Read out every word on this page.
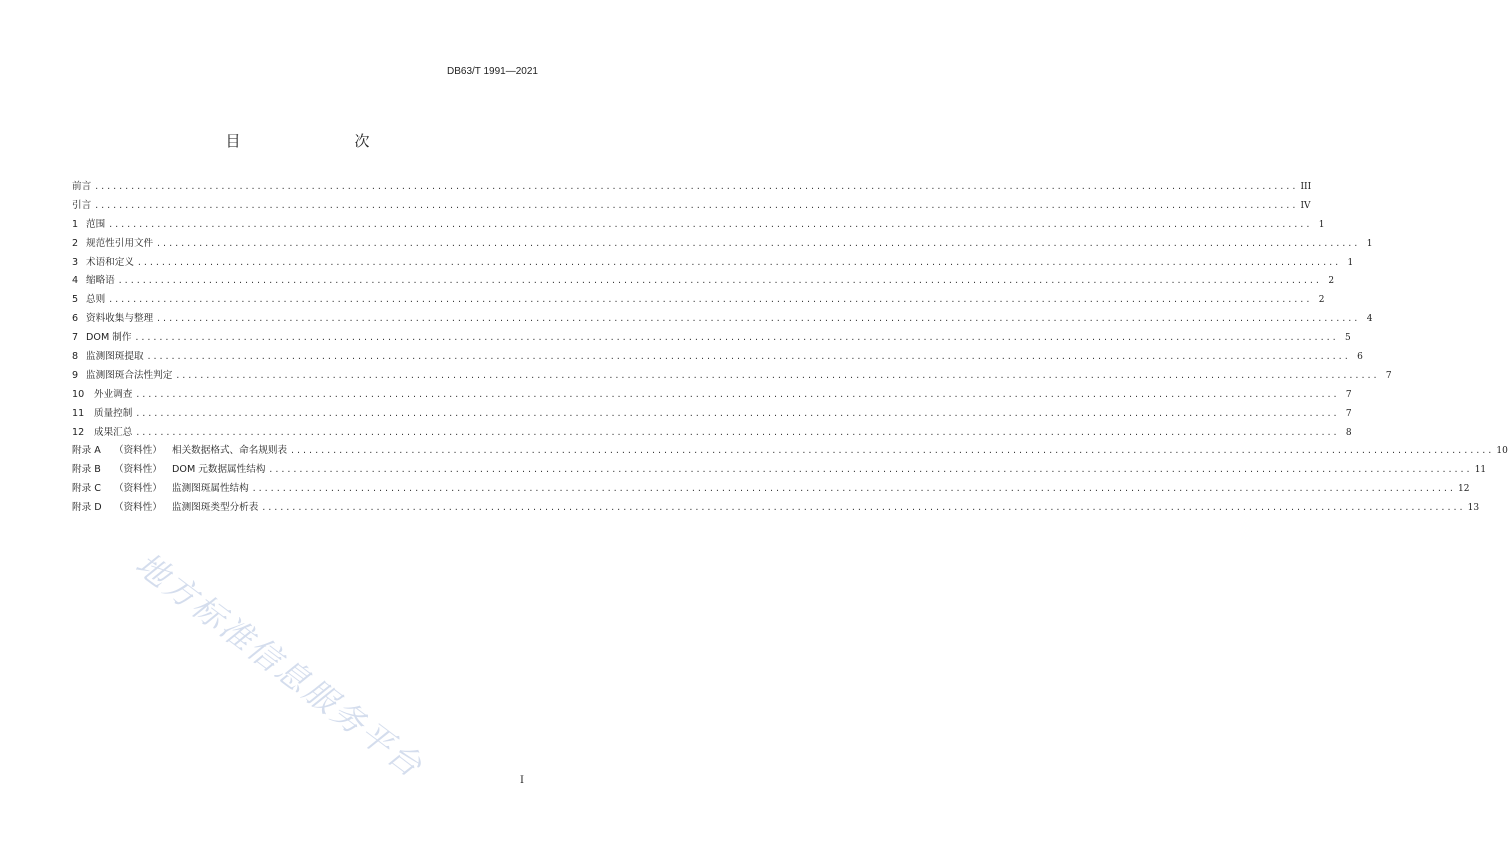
DB63/T 1991—2021
目　　次
前言 ........................................................................................................................................................................................................ III
引言 ........................................................................................................................................................................................................ IV
1 范围 ........................................................................................................................................................................................................ 1
2 规范性引用文件 ........................................................................................................................................................................................................ 1
3 术语和定义 ........................................................................................................................................................................................................ 1
4 缩略语 ........................................................................................................................................................................................................ 2
5 总则 ........................................................................................................................................................................................................ 2
6 资料收集与整理 ........................................................................................................................................................................................................ 4
7 DOM 制作 ........................................................................................................................................................................................................ 5
8 监测图斑提取 ........................................................................................................................................................................................................ 6
9 监测图斑合法性判定 ........................................................................................................................................................................................................ 7
10	外业调查 ........................................................................................................................................................................................................ 7
11	质量控制 ........................................................................................................................................................................................................ 7
12	成果汇总 ........................................................................................................................................................................................................ 8
附录 A	（资料性）	相关数据格式、命名规则表 ........................................................................................................................................................................................................ 10
附录 B	（资料性）	DOM 元数据属性结构 ........................................................................................................................................................................................................ 11
附录 C	（资料性）	监测图斑属性结构 ........................................................................................................................................................................................................ 12
附录 D	（资料性）	监测图斑类型分析表 ........................................................................................................................................................................................................ 13
地方标准信息服务平台	I
